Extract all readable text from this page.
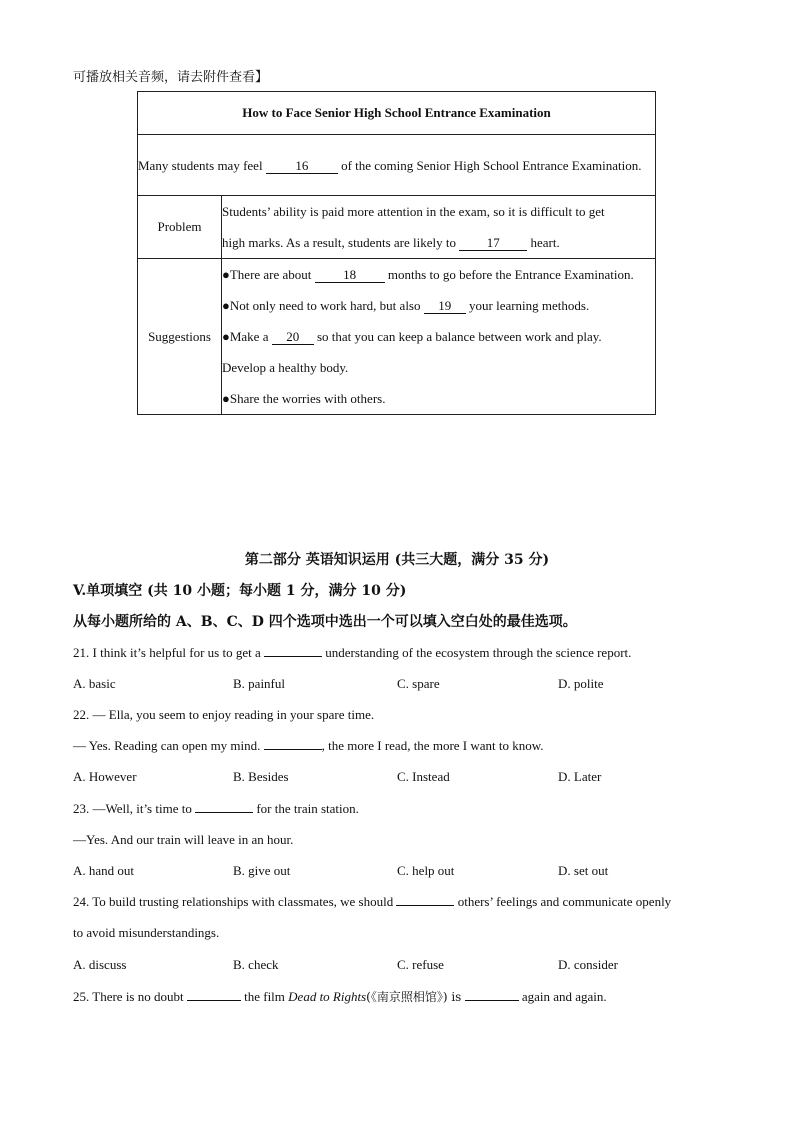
可播放相关音频，请去附件查看】
How to Face Senior High School Entrance Examination	
Many students may feel 16 of the coming Senior High School Entrance Examination.	
Problem	Students’ ability is paid more attention in the exam, so it is difficult to get
high marks. As a result, students are likely to 17 heart.

Suggestions	●There are about 18 months to go before the Entrance Examination.
●Not only need to work hard, but also 19 your learning methods.
●Make a 20 so that you can keep a balance between work and play.
Develop a healthy body.
●Share the worries with others.
第二部分 英语知识运用 (共三大题，满分 35 分)
V.单项填空 (共 10 小题；每小题 1 分，满分 10 分)
从每小题所给的 A、B、C、D 四个选项中选出一个可以填入空白处的最佳选项。
21. I think it’s helpful for us to get a	understanding of the ecosystem through the science report.
A. basic	B. painful	C. spare	D. polite
22. — Ella, you seem to enjoy reading in your spare time.
— Yes. Reading can open my mind.	, the more I read, the more I want to know.
A. However	B. Besides	C. Instead	D. Later
23. —Well, it’s time to	for the train station.
—Yes. And our train will leave in an hour.
A. hand out	B. give out	C. help out	D. set out
24. To build trusting relationships with classmates, we should	others’ feelings and communicate openly
to avoid misunderstandings.
A. discuss	B. check	C. refuse	D. consider
25. There is no doubt	the film Dead to Rights(《南京照相馆》) is	again and again.
